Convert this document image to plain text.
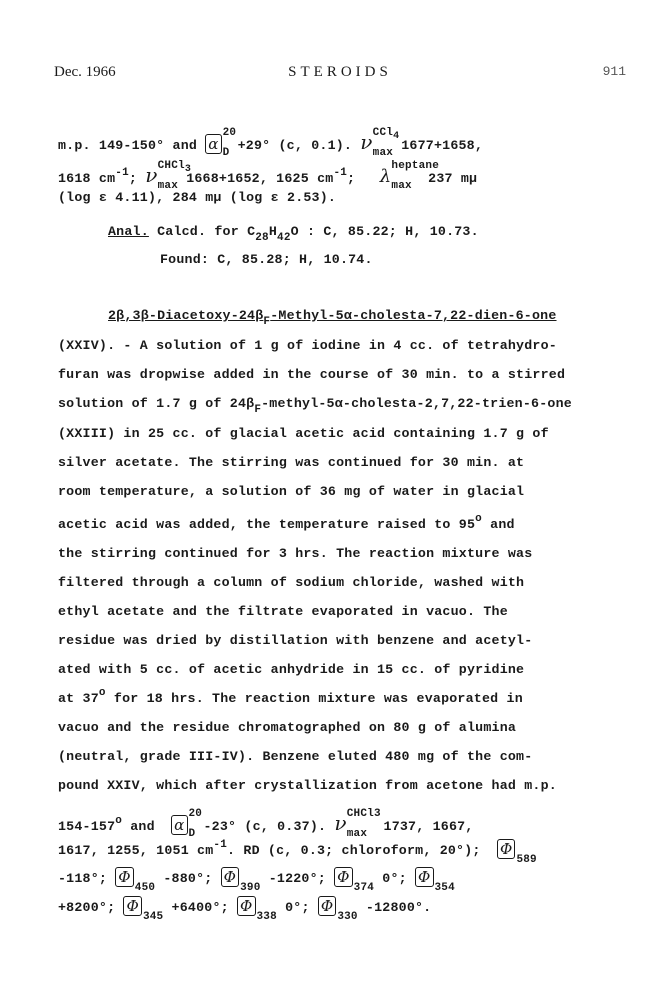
Dec. 1966	STEROIDS	911
m.p. 149-150° and α
20
$_D$ +29° (c, 0.1). ν CCl4
$_{max}$ 1677+1658,
1618 $cm^{-1}$; ν CHCl3
$_{max}$ 1668+1652, 1625 $cm^{-1}$; λ heptane
$_{max}$ 237 mμ
(log ε 4.11), 284 mμ (log ε 2.53).
Anal. Calcd. for $C_{28}H_{42}O$ : C, 85.22; H, 10.73.
Found: C, 85.28; H, 10.74.
$2\beta,3\beta-Diacetoxy-24\beta_F-Methyl-5\alpha-cholesta-7,22-dien-6$-one
(XXIV). - A solution of 1 g of iodine in 4 cc. of tetrahydro-
furan was dropwise added in the course of 30 min. to a stirred
solution of 1.7 g of $24\beta_F-methyl-5\alpha-cholesta-2,7,22-trien-6$-one
(XXIII) in 25 cc. of glacial acetic acid containing 1.7 g of
silver acetate. The stirring was continued for 30 min. at
room temperature, a solution of 36 mg of water in glacial
acetic acid was added, the temperature raised to 95$^o$ and
the stirring continued for 3 hrs. The reaction mixture was
filtered through a column of sodium chloride, washed with
ethyl acetate and the filtrate evaporated in vacuo. The
residue was dried by distillation with benzene and acetyl-
ated with 5 cc. of acetic anhydride in 15 cc. of pyridine
at 37$^o$ for 18 hrs. The reaction mixture was evaporated in
vacuo and the residue chromatographed on 80 g of alumina
(neutral, grade III-IV). Benzene eluted 480 mg of the com-
pound XXIV, which after crystallization from acetone had m.p.
154-157$^o$ and α
20
$_D$ -23° (c, 0.37). ν CHCl3
$_{max}$ 1737, 1667,
1617, 1255, 1051 $cm^{-1}$. RD (c, 0.3; chloroform, 20°); $\Phi_{589}$
-118°; $\Phi_{450}$ -880°; $\Phi_{390}$ -1220°; $\Phi_{374}$ 0°; $\Phi_{354}$
+8200°; $\Phi_{345} +6400^\circ$; $\Phi_{338}$ 0°; $\Phi_{330}$ -12800°.
